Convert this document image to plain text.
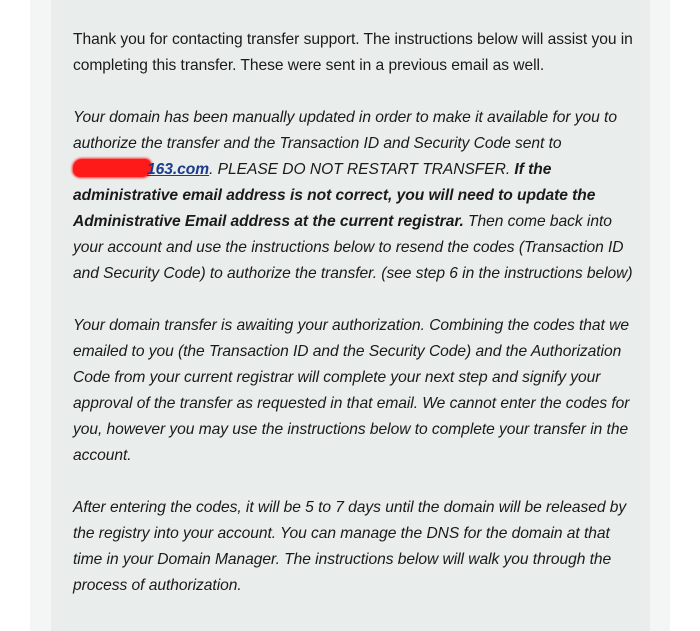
Thank you for contacting transfer support. The instructions below will assist you in completing this transfer. These were sent in a previous email as well.

Your domain has been manually updated in order to make it available for you to authorize the transfer and the Transaction ID and Security Code sent to 163.com. PLEASE DO NOT RESTART TRANSFER. If the administrative email address is not correct, you will need to update the Administrative Email address at the current registrar. Then come back into your account and use the instructions below to resend the codes (Transaction ID and Security Code) to authorize the transfer. (see step 6 in the instructions below)

Your domain transfer is awaiting your authorization. Combining the codes that we emailed to you (the Transaction ID and the Security Code) and the Authorization Code from your current registrar will complete your next step and signify your approval of the transfer as requested in that email. We cannot enter the codes for you, however you may use the instructions below to complete your transfer in the account.

After entering the codes, it will be 5 to 7 days until the domain will be released by the registry into your account. You can manage the DNS for the domain at that time in your Domain Manager. The instructions below will walk you through the process of authorization.
